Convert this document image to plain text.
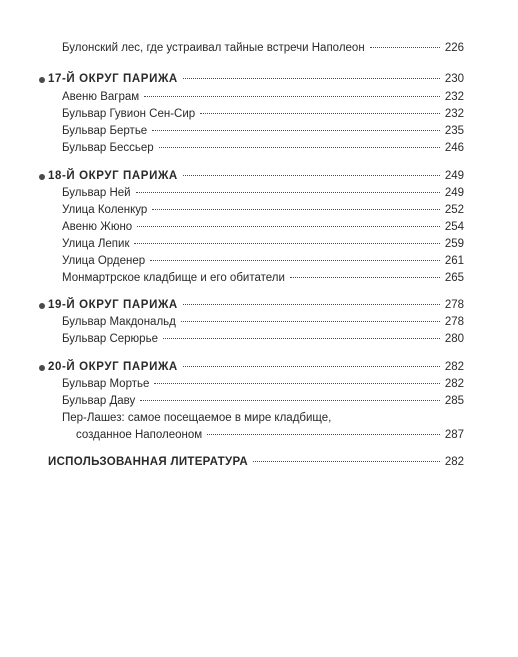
Булонский лес, где устраивал тайные встречи Наполеон	226
17-Й ОКРУГ ПАРИЖА	230
Авеню Ваграм	232
Бульвар Гувион Сен-Сир	232
Бульвар Бертье	235
Бульвар Бессьер	246
18-Й ОКРУГ ПАРИЖА	249
Бульвар Ней	249
Улица Коленкур	252
Авеню Жюно	254
Улица Лепик	259
Улица Орденер	261
Монмартрское кладбище и его обитатели	265
19-Й ОКРУГ ПАРИЖА	278
Бульвар Макдональд	278
Бульвар Серюрье	280
20-Й ОКРУГ ПАРИЖА	282
Бульвар Мортье	282
Бульвар Даву	285
Пер-Лашез: самое посещаемое в мире кладбище,
созданное Наполеоном	287
ИСПОЛЬЗОВАННАЯ ЛИТЕРАТУРА	282
